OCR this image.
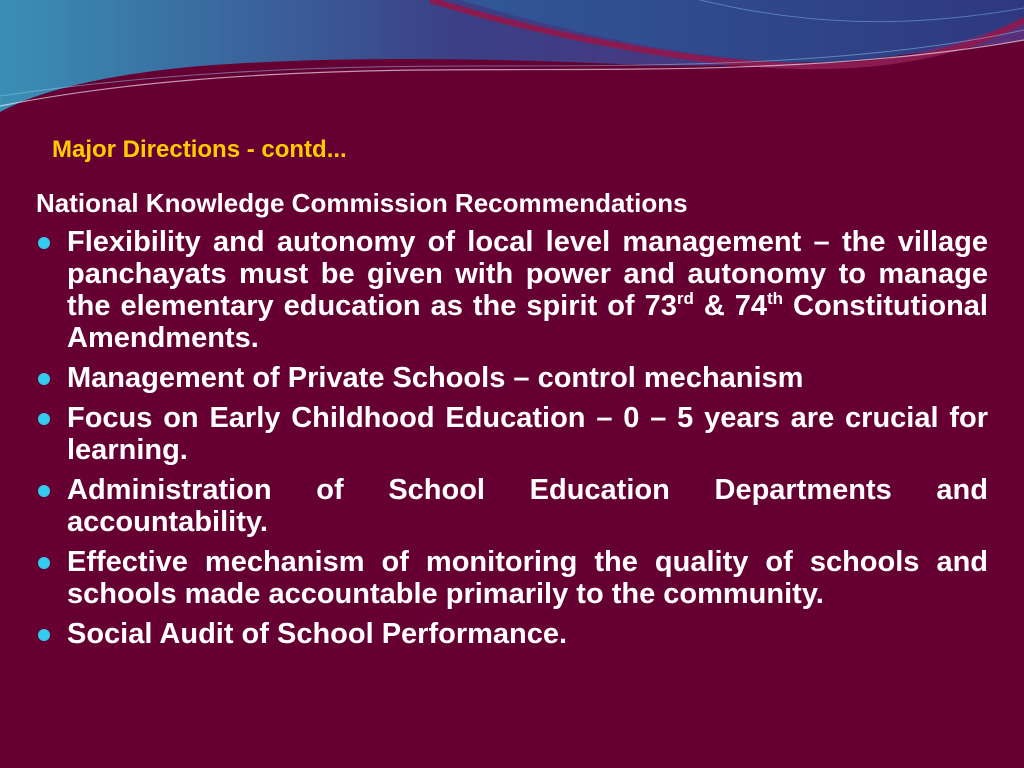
Major Directions - contd...
National Knowledge Commission Recommendations
Flexibility and autonomy of local level management – the village panchayats must be given with power and autonomy to manage the elementary education as the spirit of 73rd & 74th Constitutional Amendments.
Management of Private Schools – control mechanism
Focus on Early Childhood Education – 0 – 5 years are crucial for learning.
Administration of School Education Departments and accountability.
Effective mechanism of monitoring the quality of schools and schools made accountable primarily to the community.
Social Audit of School Performance.
